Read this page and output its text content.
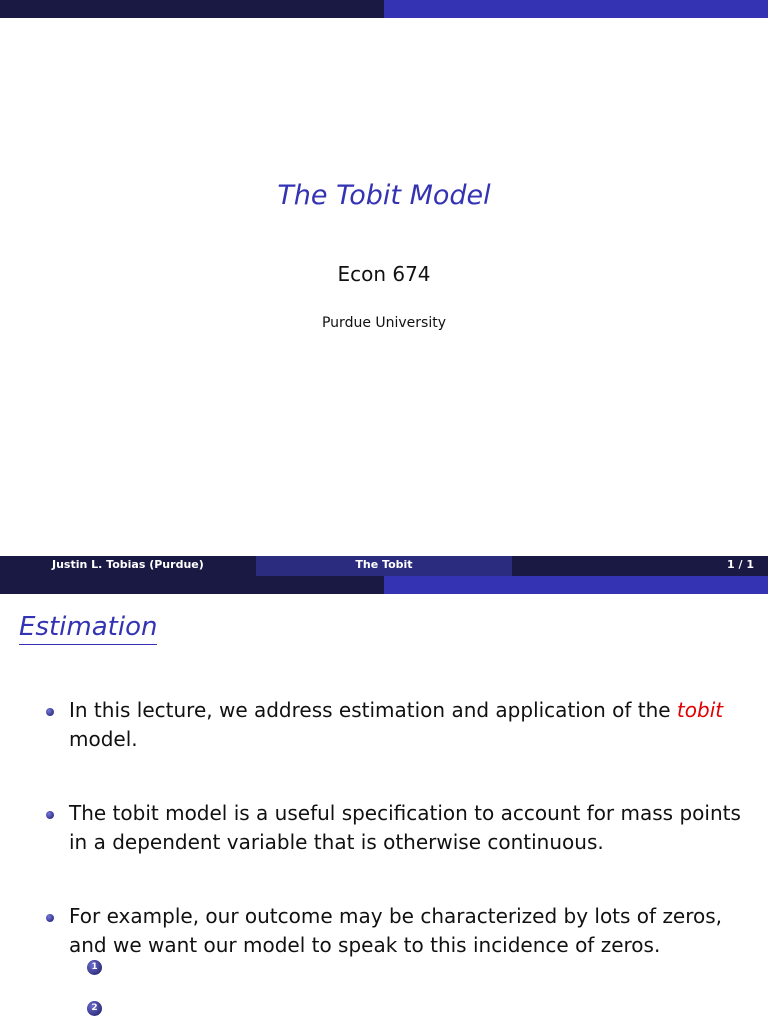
The Tobit Model
Econ 674
Purdue University
Justin L. Tobias (Purdue)	The Tobit	1 / 1
Estimation
In this lecture, we address estimation and application of the tobit model.
The tobit model is a useful specification to account for mass points in a dependent variable that is otherwise continuous.
For example, our outcome may be characterized by lots of zeros, and we want our model to speak to this incidence of zeros.
1
2
